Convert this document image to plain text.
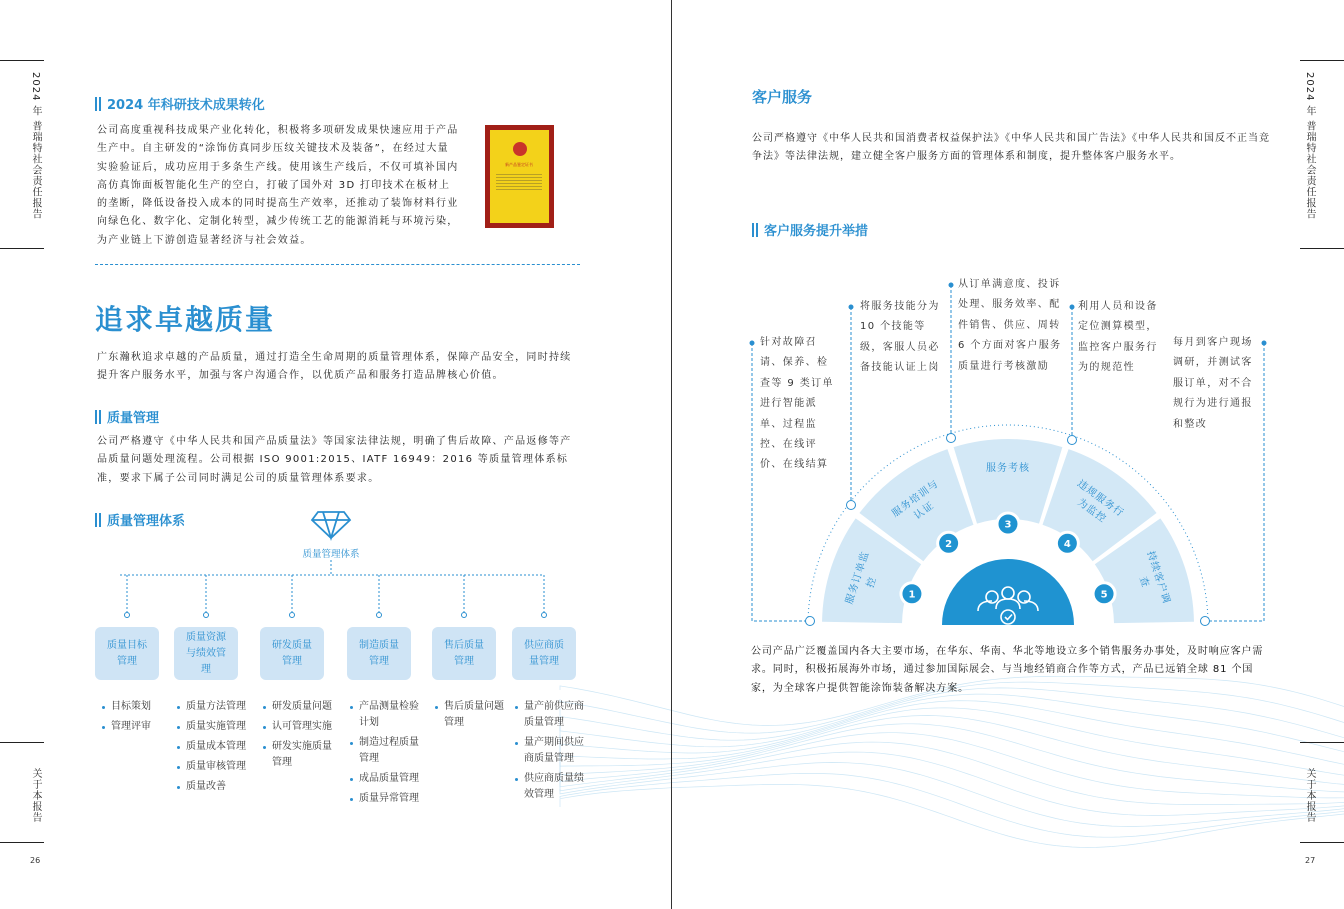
2024 年 普瑞特社会责任报告
关于本报告
26
2024 年 普瑞特社会责任报告
关于本报告
27
2024 年科研技术成果转化
公司高度重视科技成果产业化转化，积极将多项研发成果快速应用于产品生产中。自主研发的“涂饰仿真同步压纹关键技术及装备”，在经过大量实验验证后，成功应用于多条生产线。使用该生产线后，不仅可填补国内高仿真饰面板智能化生产的空白，打破了国外对 3D 打印技术在板材上的垄断，降低设备投入成本的同时提高生产效率，还推动了装饰材料行业向绿色化、数字化、定制化转型，减少传统工艺的能源消耗与环境污染，为产业链上下游创造显著经济与社会效益。
新产品鉴定证书
追求卓越质量
广东瀚秋追求卓越的产品质量，通过打造全生命周期的质量管理体系，保障产品安全，同时持续提升客户服务水平，加强与客户沟通合作，以优质产品和服务打造品牌核心价值。
质量管理
公司严格遵守《中华人民共和国产品质量法》等国家法律法规，明确了售后故障、产品返修等产品质量问题处理流程。公司根据 ISO 9001:2015、IATF 16949：2016 等质量管理体系标准，要求下属子公司同时满足公司的质量管理体系要求。
质量管理体系
质量管理体系
质量目标管理
目标策划
管理评审
质量资源与绩效管理
质量方法管理
质量实施管理
质量成本管理
质量审核管理
质量改善
研发质量管理
研发质量问题
认可管理实施
研发实施质量管理
制造质量管理
产品测量检验计划
制造过程质量管理
成品质量管理
质量异常管理
售后质量管理
售后质量问题管理
供应商质量管理
量产前供应商质量管理
量产期间供应商质量管理
供应商质量绩效管理
客户服务
公司严格遵守《中华人民共和国消费者权益保护法》《中华人民共和国广告法》《中华人民共和国反不正当竞争法》等法律法规，建立健全客户服务方面的管理体系和制度，提升整体客户服务水平。
客户服务提升举措
1
2
3
4
5
服务订单监控
服务培训与认证
服务考核
违规服务行为监控
持续客户调查
针对故障召请、保养、检查等 9 类订单进行智能派单、过程监控、在线评价、在线结算
将服务技能分为 10 个技能等级，客服人员必备技能认证上岗
从订单满意度、投诉处理、服务效率、配件销售、供应、周转 6 个方面对客户服务质量进行考核激励
利用人员和设备定位测算模型，监控客户服务行为的规范性
每月到客户现场调研，并测试客服订单，对不合规行为进行通报和整改
公司产品广泛覆盖国内各大主要市场，在华东、华南、华北等地设立多个销售服务办事处，及时响应客户需求。同时，积极拓展海外市场，通过参加国际展会、与当地经销商合作等方式，产品已远销全球 81 个国家，为全球客户提供智能涂饰装备解决方案。
